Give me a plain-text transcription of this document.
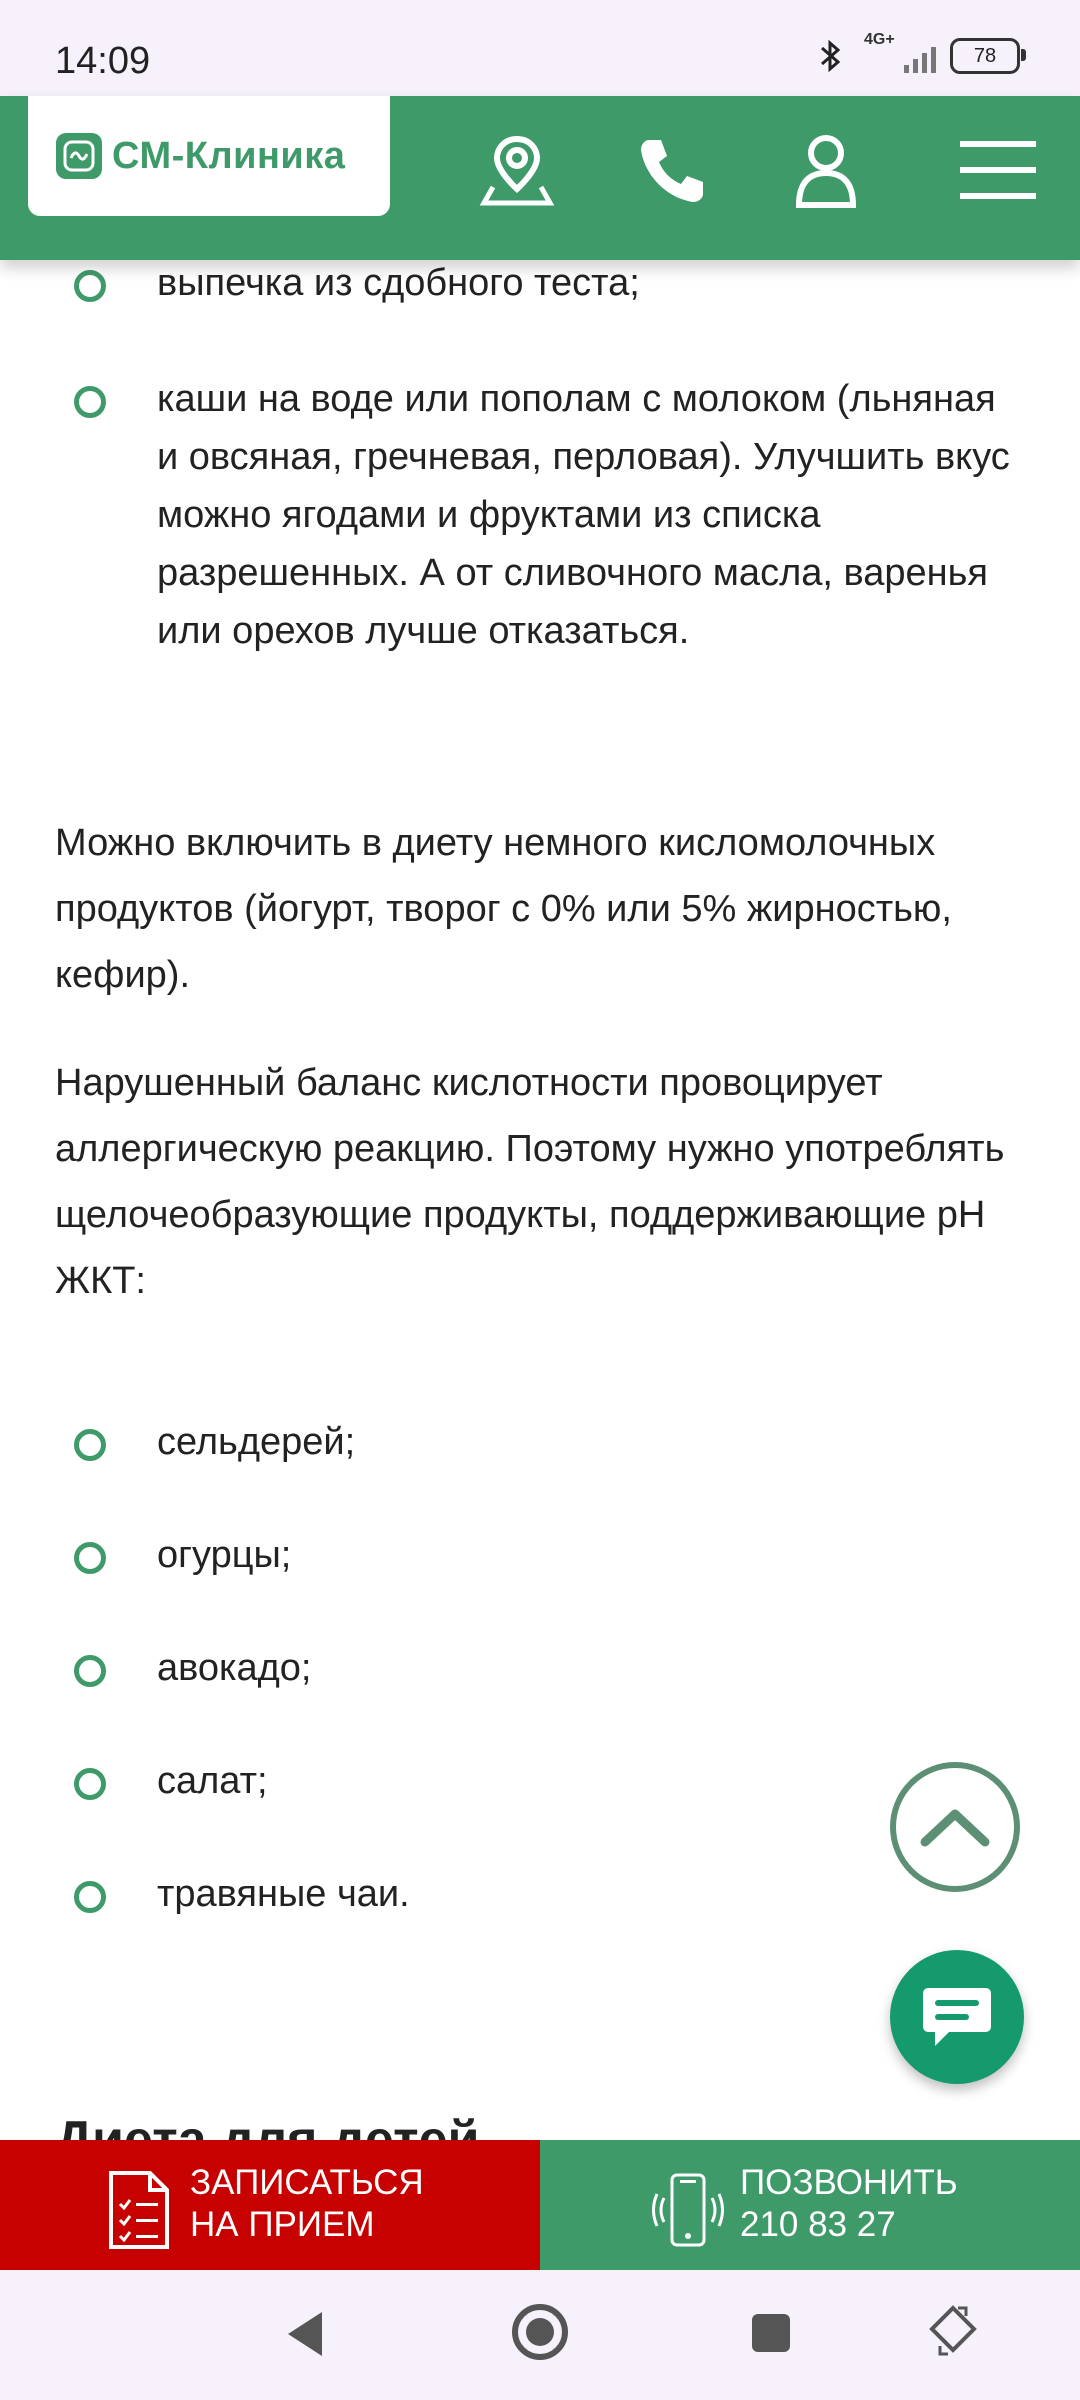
14:09
4G+
78
СМ-Клиника
выпечка из сдобного теста;
каши на воде или пополам с молоком (льняная и овсяная, гречневая, перловая). Улучшить вкус можно ягодами и фруктами из списка разрешенных. А от сливочного масла, варенья или орехов лучше отказаться.
Можно включить в диету немного кисломолочных продуктов (йогурт, творог с 0% или 5% жирностью, кефир).
Нарушенный баланс кислотности провоцирует аллергическую реакцию. Поэтому нужно употреблять щелочеобразующие продукты, поддерживающие pH ЖКТ:
сельдерей;
огурцы;
авокадо;
салат;
травяные чаи.
ЗАПИСАТЬСЯ
НА ПРИЕМ
ПОЗВОНИТЬ
210 83 27
